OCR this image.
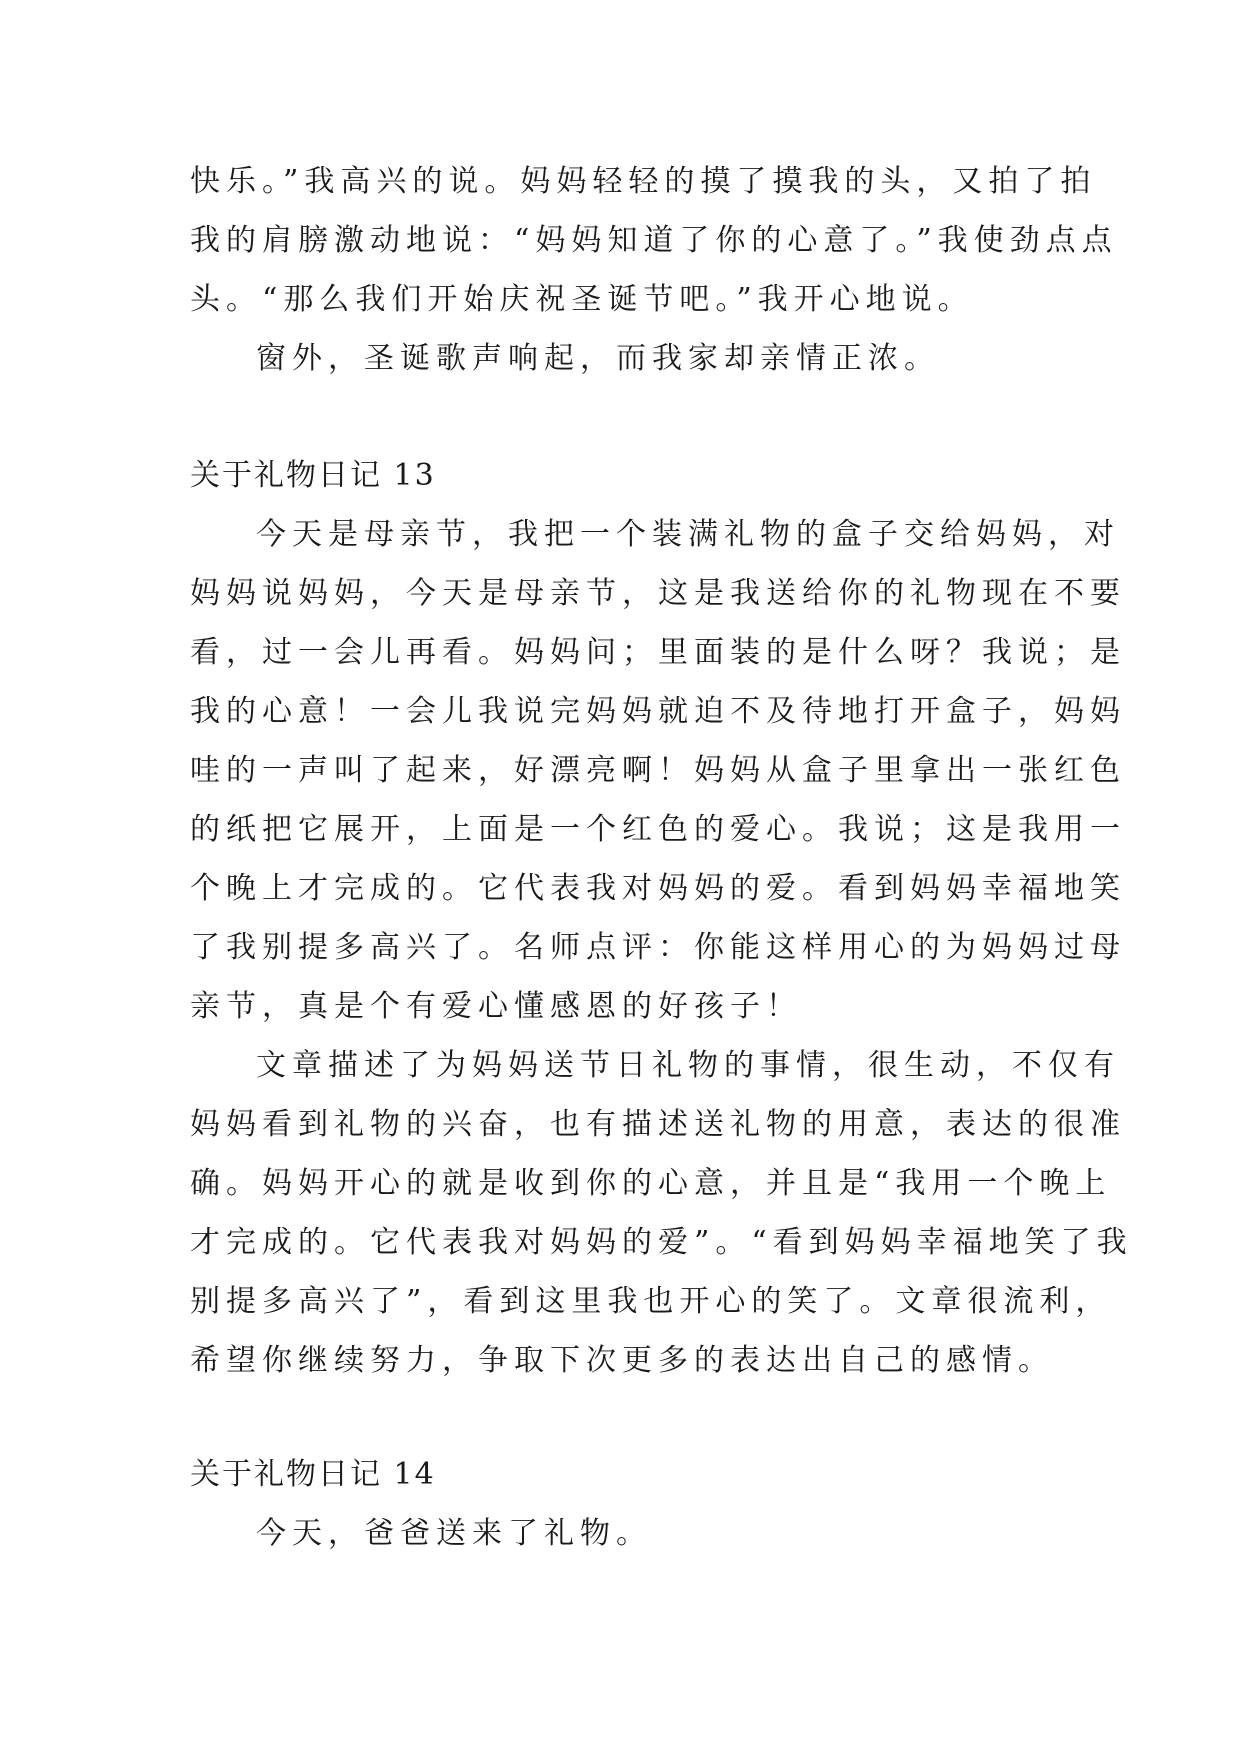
快乐。”我高兴的说。妈妈轻轻的摸了摸我的头，又拍了拍
我的肩膀激动地说：“妈妈知道了你的心意了。”我使劲点点
头。“那么我们开始庆祝圣诞节吧。”我开心地说。
窗外，圣诞歌声响起，而我家却亲情正浓。
关于礼物日记 13
今天是母亲节，我把一个装满礼物的盒子交给妈妈，对
妈妈说妈妈，今天是母亲节，这是我送给你的礼物现在不要
看，过一会儿再看。妈妈问；里面装的是什么呀？我说；是
我的心意！一会儿我说完妈妈就迫不及待地打开盒子，妈妈
哇的一声叫了起来，好漂亮啊！妈妈从盒子里拿出一张红色
的纸把它展开，上面是一个红色的爱心。我说；这是我用一
个晚上才完成的。它代表我对妈妈的爱。看到妈妈幸福地笑
了我别提多高兴了。名师点评：你能这样用心的为妈妈过母
亲节，真是个有爱心懂感恩的好孩子！
文章描述了为妈妈送节日礼物的事情，很生动，不仅有
妈妈看到礼物的兴奋，也有描述送礼物的用意，表达的很准
确。妈妈开心的就是收到你的心意，并且是“我用一个晚上
才完成的。它代表我对妈妈的爱”。“看到妈妈幸福地笑了我
别提多高兴了”，看到这里我也开心的笑了。文章很流利，
希望你继续努力，争取下次更多的表达出自己的感情。
关于礼物日记 14
今天，爸爸送来了礼物。
